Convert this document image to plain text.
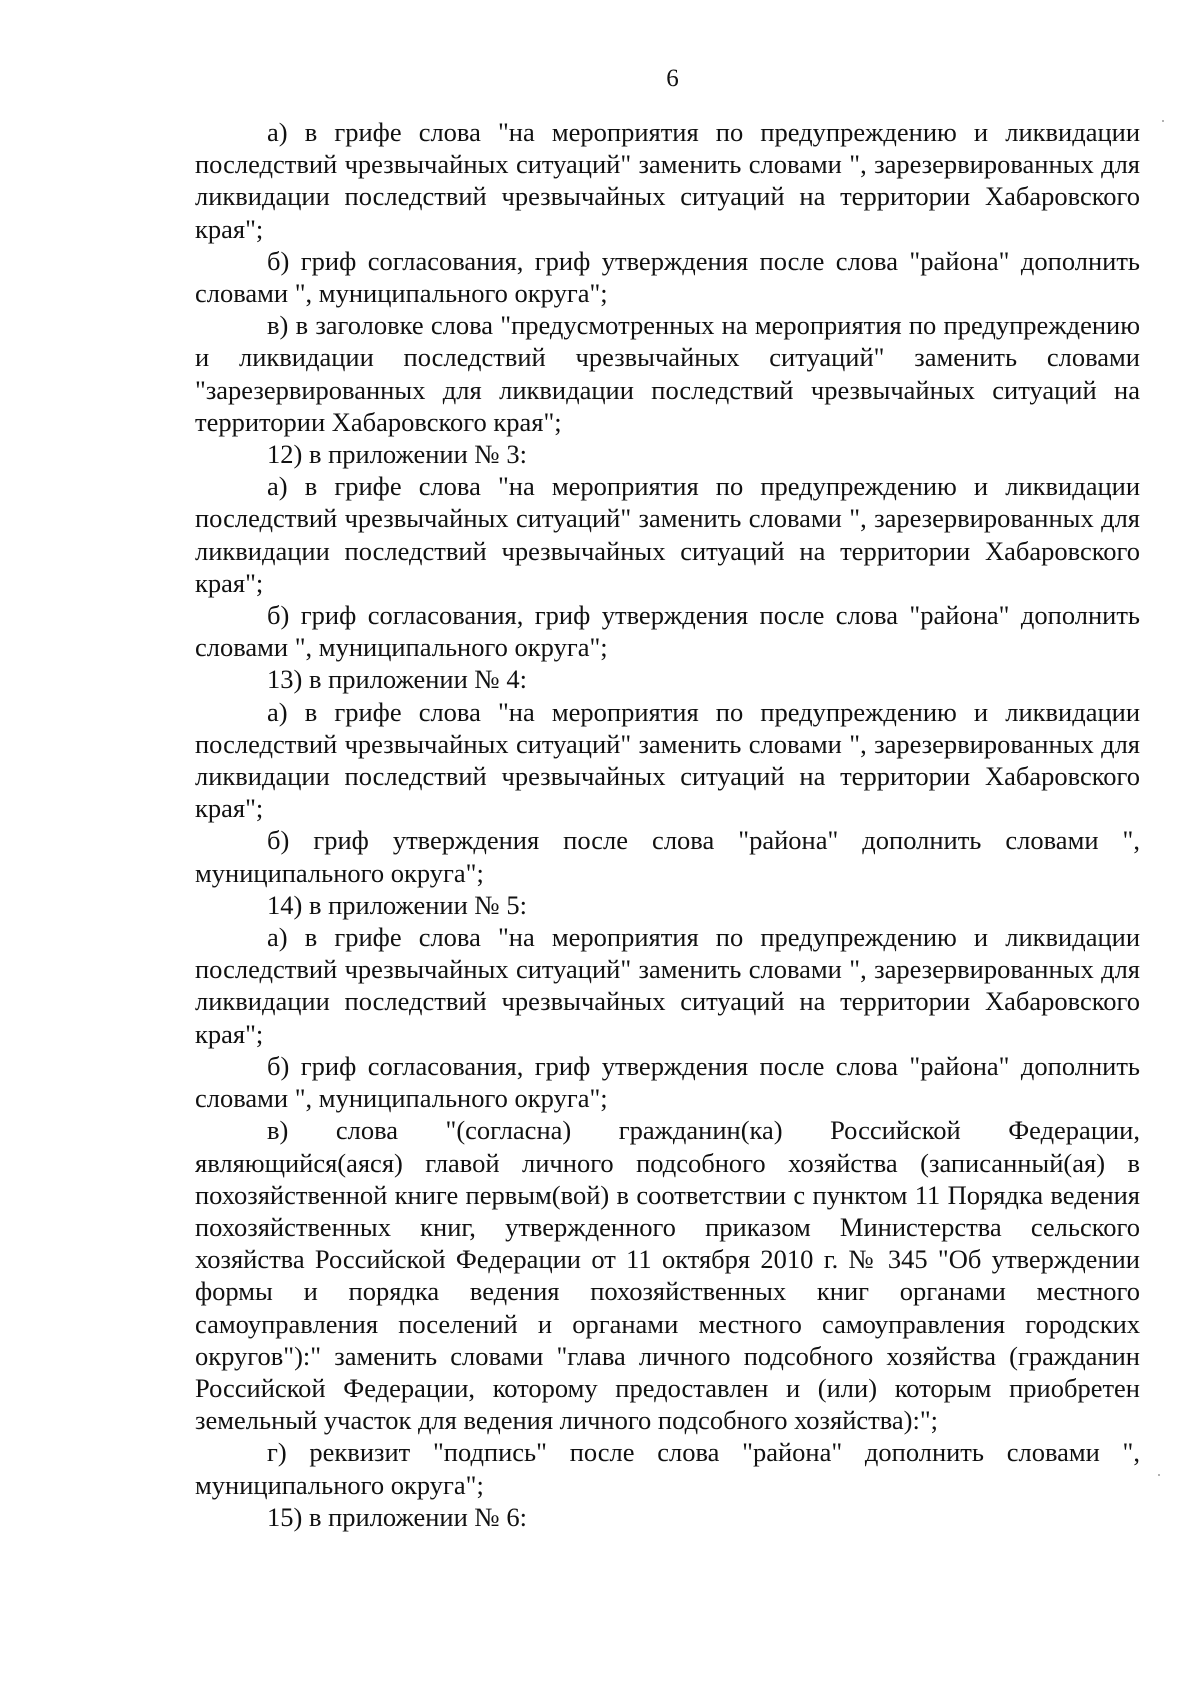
6

а) в грифе слова "на мероприятия по предупреждению и ликвидации последствий чрезвычайных ситуаций" заменить словами ", зарезервированных для ликвидации последствий чрезвычайных ситуаций на территории Хабаровского края";

б) гриф согласования, гриф утверждения после слова "района" дополнить словами ", муниципального округа";

в) в заголовке слова "предусмотренных на мероприятия по предупреждению и ликвидации последствий чрезвычайных ситуаций" заменить словами "зарезервированных для ликвидации последствий чрезвычайных ситуаций на территории Хабаровского края";

12) в приложении № 3:

а) в грифе слова "на мероприятия по предупреждению и ликвидации последствий чрезвычайных ситуаций" заменить словами ", зарезервированных для ликвидации последствий чрезвычайных ситуаций на территории Хабаровского края";

б) гриф согласования, гриф утверждения после слова "района" дополнить словами ", муниципального округа";

13) в приложении № 4:

а) в грифе слова "на мероприятия по предупреждению и ликвидации последствий чрезвычайных ситуаций" заменить словами ", зарезервированных для ликвидации последствий чрезвычайных ситуаций на территории Хабаровского края";

б) гриф утверждения после слова "района" дополнить словами ", муниципального округа";

14) в приложении № 5:

а) в грифе слова "на мероприятия по предупреждению и ликвидации последствий чрезвычайных ситуаций" заменить словами ", зарезервированных для ликвидации последствий чрезвычайных ситуаций на территории Хабаровского края";

б) гриф согласования, гриф утверждения после слова "района" дополнить словами ", муниципального округа";

в) слова "(согласна) гражданин(ка) Российской Федерации, являющийся(аяся) главой личного подсобного хозяйства (записанный(ая) в похозяйственной книге первым(вой) в соответствии с пунктом 11 Порядка ведения похозяйственных книг, утвержденного приказом Министерства сельского хозяйства Российской Федерации от 11 октября 2010 г. № 345 "Об утверждении формы и порядка ведения похозяйственных книг органами местного самоуправления поселений и органами местного самоуправления городских округов"):" заменить словами "глава личного подсобного хозяйства (гражданин Российской Федерации, которому предоставлен и (или) которым приобретен земельный участок для ведения личного подсобного хозяйства):";

г) реквизит "подпись" после слова "района" дополнить словами ", муниципального округа";

15) в приложении № 6:
